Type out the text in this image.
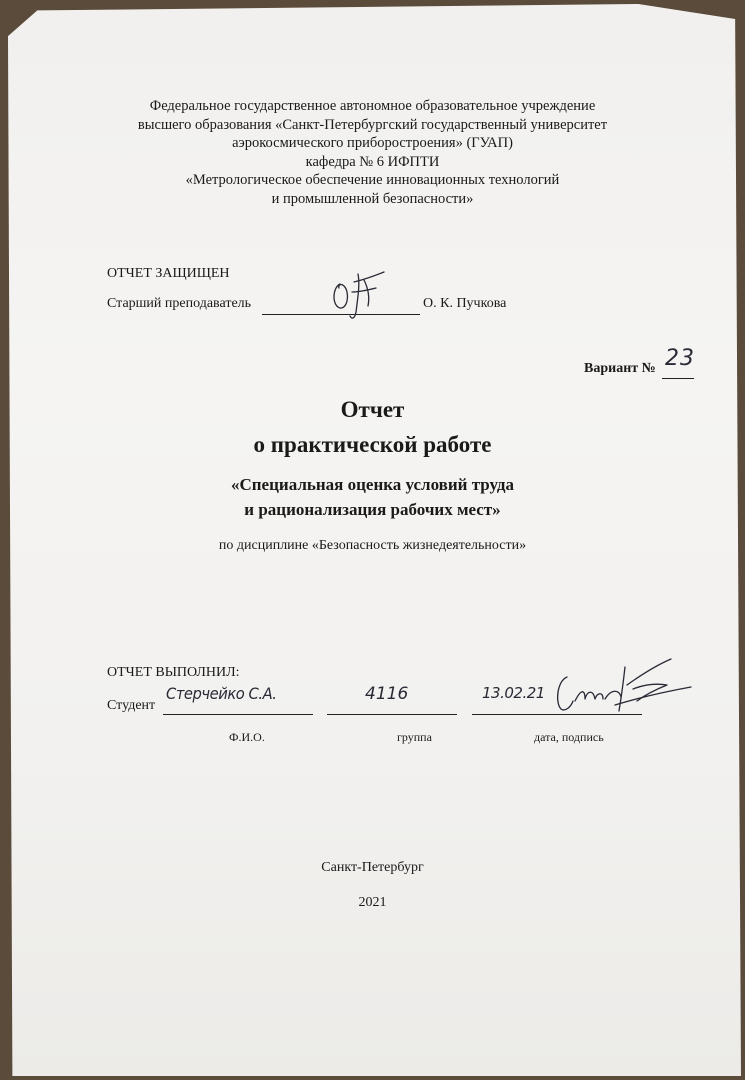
Федеральное государственное автономное образовательное учреждение
высшего образования «Санкт-Петербургский государственный университет
аэрокосмического приборостроения» (ГУАП)
кафедра № 6 ИФПТИ
«Метрологическое обеспечение инновационных технологий
и промышленной безопасности»
ОТЧЕТ ЗАЩИЩЕН
Старший преподаватель	О. К. Пучкова
Вариант № 23
Отчет
о практической работе
«Специальная оценка условий труда
и рационализация рабочих мест»
по дисциплине «Безопасность жизнедеятельности»
ОТЧЕТ ВЫПОЛНИЛ:
Студент
Стерчейко С.А.	4116	13.02.21
Ф.И.О.	группа	дата, подпись
Санкт-Петербург
2021
